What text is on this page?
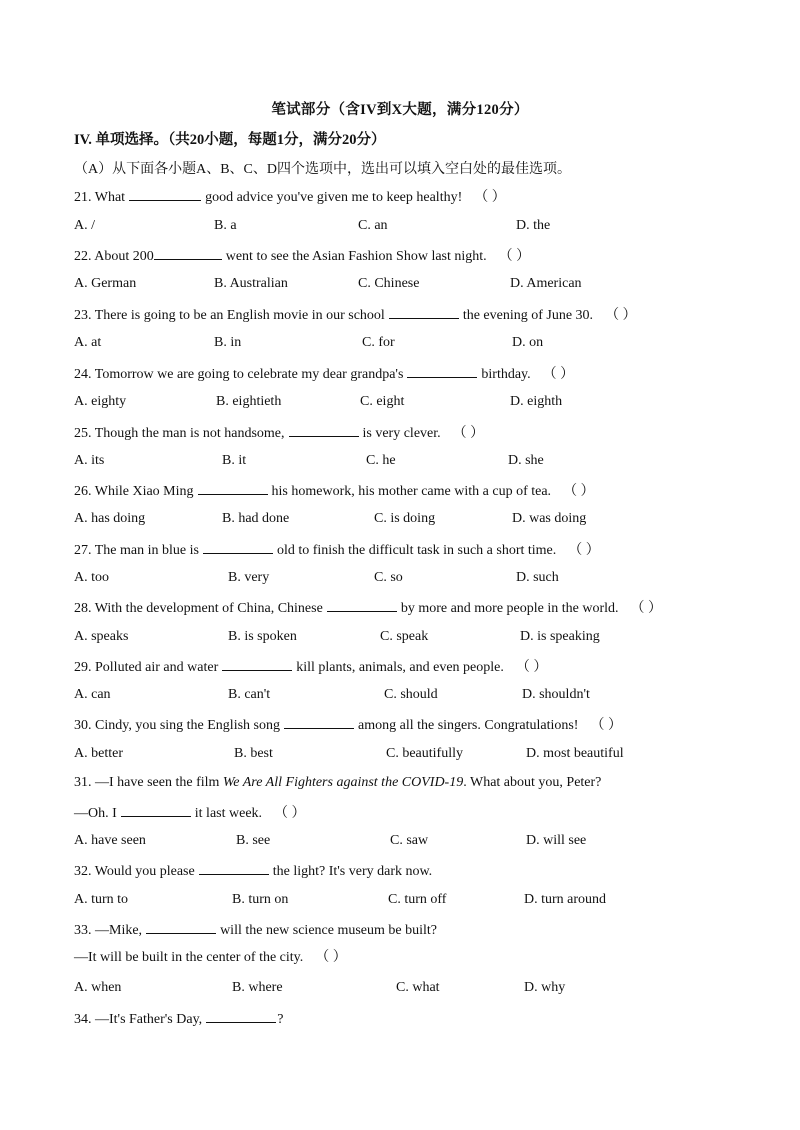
笔试部分（含IV到X大题，满分120分）
IV. 单项选择。（共20小题，每题1分，满分20分）
（A）从下面各小题A、B、C、D四个选项中，选出可以填入空白处的最佳选项。
21. What	good advice you've given me to keep healthy! （ ）
A. /	B. a	C. an	D. the
22. About 200	went to see the Asian Fashion Show last night. （ ）
A. German	B. Australian	C. Chinese	D. American
23. There is going to be an English movie in our school	the evening of June 30. （ ）
A. at	B. in	C. for	D. on
24. Tomorrow we are going to celebrate my dear grandpa's	birthday. （ ）
A. eighty	B. eightieth	C. eight	D. eighth
25. Though the man is not handsome,	is very clever. （ ）
A. its	B. it	C. he	D. she
26. While Xiao Ming	his homework, his mother came with a cup of tea. （ ）
A. has doing	B. had done	C. is doing	D. was doing
27. The man in blue is	old to finish the difficult task in such a short time. （ ）
A. too	B. very	C. so	D. such
28. With the development of China, Chinese	by more and more people in the world. （ ）
A. speaks	B. is spoken	C. speak	D. is speaking
29. Polluted air and water	kill plants, animals, and even people. （ ）
A. can	B. can't	C. should	D. shouldn't
30. Cindy, you sing the English song	among all the singers. Congratulations! （ ）
A. better	B. best	C. beautifully	D. most beautiful
31. —I have seen the film We Are All Fighters against the COVID-19. What about you, Peter?
—Oh. I	it last week. （ ）
A. have seen	B. see	C. saw	D. will see
32. Would you please	the light? It's very dark now.
A. turn to	B. turn on	C. turn off	D. turn around
33. —Mike,	will the new science museum be built?
—It will be built in the center of the city. （ ）
A. when	B. where	C. what	D. why
34. —It's Father's Day,	?
